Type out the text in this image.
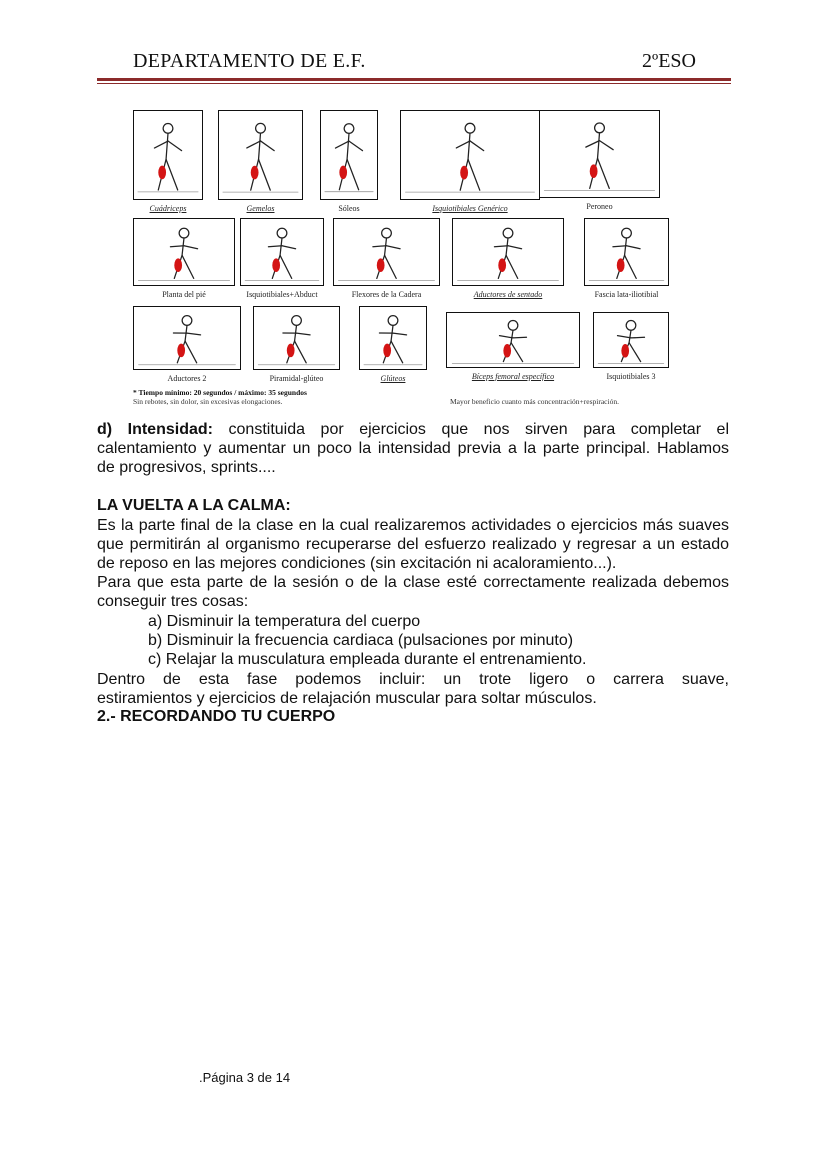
DEPARTAMENTO DE E.F.	2ºESO
Cuádriceps	Gemelos	Sóleos	Isquiotibiales Genérico	Peroneo
Planta del pié	Isquiotibiales+Abduct	Flexores de la Cadera	Aductores de sentado	Fascia lata-iliotibial
Aductores 2	Piramidal-glúteo	Glúteos	Bíceps femoral específico	Isquiotibiales 3
* Tiempo mínimo: 20 segundos / máximo: 35 segundos
Sin rebotes, sin dolor, sin excesivas elongaciones.	Mayor beneficio cuanto más concentración+respiración.
d) Intensidad: constituida por ejercicios que nos sirven para completar el
calentamiento y aumentar un poco la intensidad previa a la parte principal. Hablamos
de progresivos, sprints....
LA VUELTA A LA CALMA:
Es la parte final de la clase en la cual realizaremos actividades o ejercicios más suaves
que permitirán al organismo recuperarse del esfuerzo realizado y regresar a un estado
de reposo en las mejores condiciones (sin excitación ni acaloramiento...).
Para que esta parte de la sesión o de la clase esté correctamente realizada debemos
conseguir tres cosas:
a) Disminuir la temperatura del cuerpo
b) Disminuir la frecuencia cardiaca (pulsaciones por minuto)
c) Relajar la musculatura empleada durante el entrenamiento.
Dentro de esta fase podemos incluir: un trote ligero o carrera suave,
estiramientos y ejercicios de relajación muscular para soltar músculos.
2.- RECORDANDO TU CUERPO
.Página 3 de 14
